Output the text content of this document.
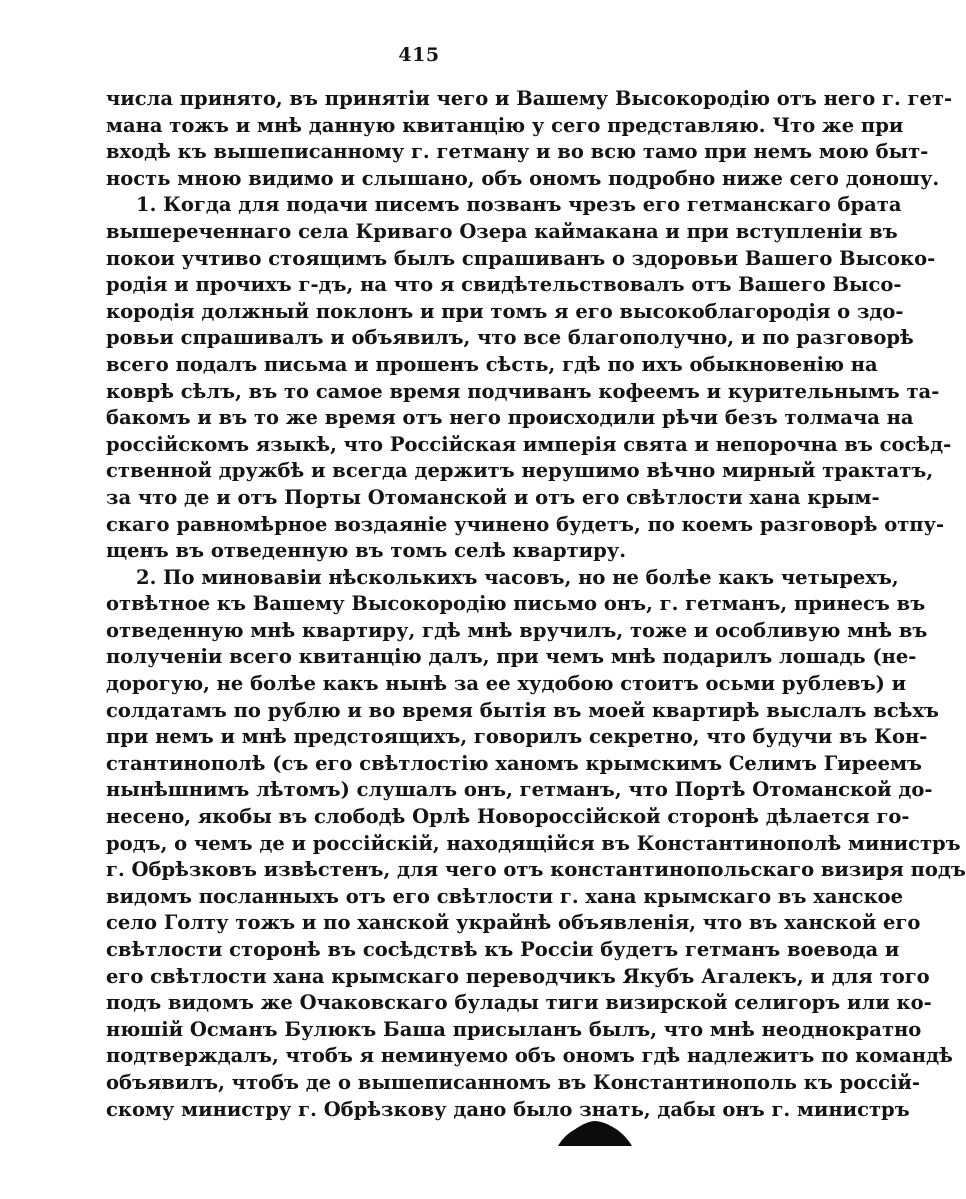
415
числа принято, въ принятіи чего и Вашему Высокородію отъ него г. гет-
мана тожъ и мнѣ данную квитанцію у сего представляю. Что же при
входѣ къ вышеписанному г. гетману и во всю тамо при немъ мою быт-
ность мною видимо и слышано, объ ономъ подробно ниже сего доношу.
1. Когда для подачи писемъ позванъ чрезъ его гетманскаго брата
вышереченнаго села Криваго Озера каймакана и при вступленіи въ
покои учтиво стоящимъ былъ спрашиванъ о здоровьи Вашего Высоко-
родія и прочихъ г-дъ, на что я свидѣтельствовалъ отъ Вашего Высо-
кородія должный поклонъ и при томъ я его высокоблагородія о здо-
ровьи спрашивалъ и объявилъ, что все благополучно, и по разговорѣ
всего подалъ письма и прошенъ сѣсть, гдѣ по ихъ обыкновенію на
коврѣ сѣлъ, въ то самое время подчиванъ кофеемъ и курительнымъ та-
бакомъ и въ то же время отъ него происходили рѣчи безъ толмача на
россійскомъ языкѣ, что Россійская имперія свята и непорочна въ сосѣд-
ственной дружбѣ и всегда держитъ нерушимо вѣчно мирный трактатъ,
за что де и отъ Порты Отоманской и отъ его свѣтлости хана крым-
скаго равномѣрное воздаяніе учинено будетъ, по коемъ разговорѣ отпу-
щенъ въ отведенную въ томъ селѣ квартиру.
2. По миновавіи нѣсколькихъ часовъ, но не болѣе какъ четырехъ,
отвѣтное къ Вашему Высокородію письмо онъ, г. гетманъ, принесъ въ
отведенную мнѣ квартиру, гдѣ мнѣ вручилъ, тоже и особливую мнѣ въ
полученіи всего квитанцію далъ, при чемъ мнѣ подарилъ лошадь (не-
дорогую, не болѣе какъ нынѣ за ее худобою стоитъ осьми рублевъ) и
солдатамъ по рублю и во время бытія въ моей квартирѣ выслалъ всѣхъ
при немъ и мнѣ предстоящихъ, говорилъ секретно, что будучи въ Кон-
стантинополѣ (съ его свѣтлостію ханомъ крымскимъ Селимъ Гиреемъ
нынѣшнимъ лѣтомъ) слушалъ онъ, гетманъ, что Портѣ Отоманской до-
несено, якобы въ слободѣ Орлѣ Новороссійской сторонѣ дѣлается го-
родъ, о чемъ де и россійскій, находящійся въ Константинополѣ министръ
г. Обрѣзковъ извѣстенъ, для чего отъ константинопольскаго визиря подъ
видомъ посланныхъ отъ его свѣтлости г. хана крымскаго въ ханское
село Голту тожъ и по ханской украйнѣ объявленія, что въ ханской его
свѣтлости сторонѣ въ сосѣдствѣ къ Россіи будетъ гетманъ воевода и
его свѣтлости хана крымскаго переводчикъ Якубъ Агалекъ, и для того
подъ видомъ же Очаковскаго булады тиги визирской селигоръ или ко-
нюшій Османъ Булюкъ Баша присыланъ былъ, что мнѣ неоднократно
подтверждалъ, чтобъ я неминуемо объ ономъ гдѣ надлежитъ по командѣ
объявилъ, чтобъ де о вышеписанномъ въ Константинополь къ россій-
скому министру г. Обрѣзкову дано было знать, дабы онъ г. министръ
